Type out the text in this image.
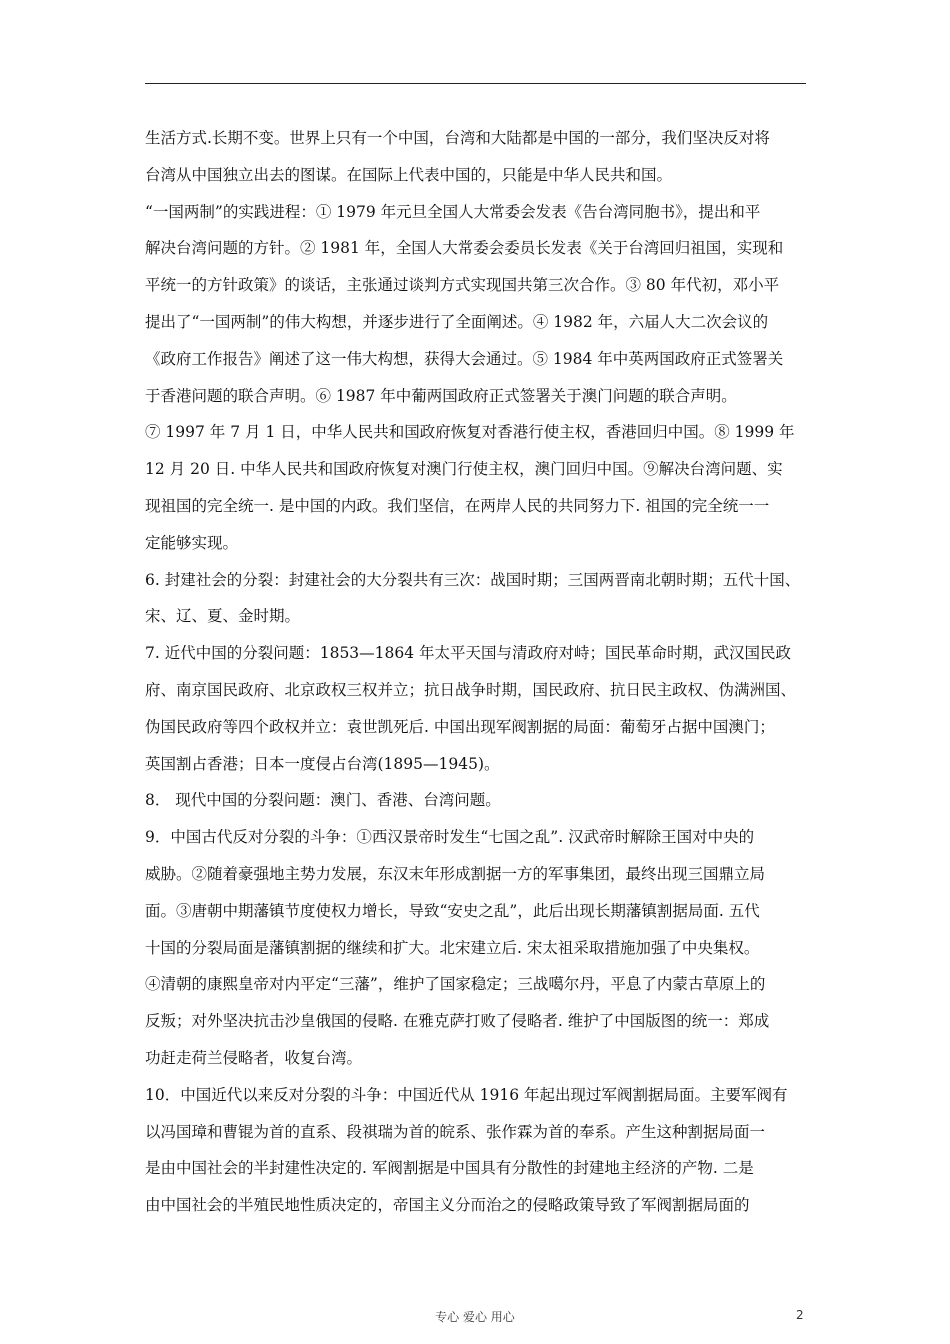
生活方式.长期不变。世界上只有一个中国，台湾和大陆都是中国的一部分，我们坚决反对将
台湾从中国独立出去的图谋。在国际上代表中国的，只能是中华人民共和国。
“一国两制”的实践进程：① 1979 年元旦全国人大常委会发表《告台湾同胞书》，提出和平
解决台湾问题的方针。② 1981 年，全国人大常委会委员长发表《关于台湾回归祖国，实现和
平统一的方针政策》的谈话，主张通过谈判方式实现国共第三次合作。③ 80 年代初，邓小平
提出了“一国两制”的伟大构想，并逐步进行了全面阐述。④ 1982 年，六届人大二次会议的
《政府工作报告》阐述了这一伟大构想，获得大会通过。⑤ 1984 年中英两国政府正式签署关
于香港问题的联合声明。⑥ 1987 年中葡两国政府正式签署关于澳门问题的联合声明。
⑦ 1997 年 7 月 1 日，中华人民共和国政府恢复对香港行使主权，香港回归中国。⑧ 1999 年
12 月 20 日. 中华人民共和国政府恢复对澳门行使主权，澳门回归中国。⑨解决台湾问题、实
现祖国的完全统一. 是中国的内政。我们坚信，在两岸人民的共同努力下. 祖国的完全统一一
定能够实现。
6. 封建社会的分裂：封建社会的大分裂共有三次：战国时期；三国两晋南北朝时期；五代十国、
宋、辽、夏、金时期。
7. 近代中国的分裂问题：1853—1864 年太平天国与清政府对峙；国民革命时期，武汉国民政
府、南京国民政府、北京政权三权并立；抗日战争时期，国民政府、抗日民主政权、伪满洲国、
伪国民政府等四个政权并立：袁世凯死后. 中国出现军阀割据的局面：葡萄牙占据中国澳门；
英国割占香港；日本一度侵占台湾(1895—1945)。
8． 现代中国的分裂问题：澳门、香港、台湾问题。
9．中国古代反对分裂的斗争：①西汉景帝时发生“七国之乱”. 汉武帝时解除王国对中央的
威胁。②随着豪强地主势力发展，东汉末年形成割据一方的军事集团，最终出现三国鼎立局
面。③唐朝中期藩镇节度使权力增长，导致“安史之乱”，此后出现长期藩镇割据局面. 五代
十国的分裂局面是藩镇割据的继续和扩大。北宋建立后. 宋太祖采取措施加强了中央集权。
④清朝的康熙皇帝对内平定“三藩”，维护了国家稳定；三战噶尔丹，平息了内蒙古草原上的
反叛；对外坚决抗击沙皇俄国的侵略. 在雅克萨打败了侵略者. 维护了中国版图的统一：郑成
功赶走荷兰侵略者，收复台湾。
10．中国近代以来反对分裂的斗争：中国近代从 1916 年起出现过军阀割据局面。主要军阀有
以冯国璋和曹锟为首的直系、段祺瑞为首的皖系、张作霖为首的奉系。产生这种割据局面一
是由中国社会的半封建性决定的. 军阀割据是中国具有分散性的封建地主经济的产物. 二是
由中国社会的半殖民地性质决定的，帝国主义分而治之的侵略政策导致了军阀割据局面的
专心 爱心 用心	2
